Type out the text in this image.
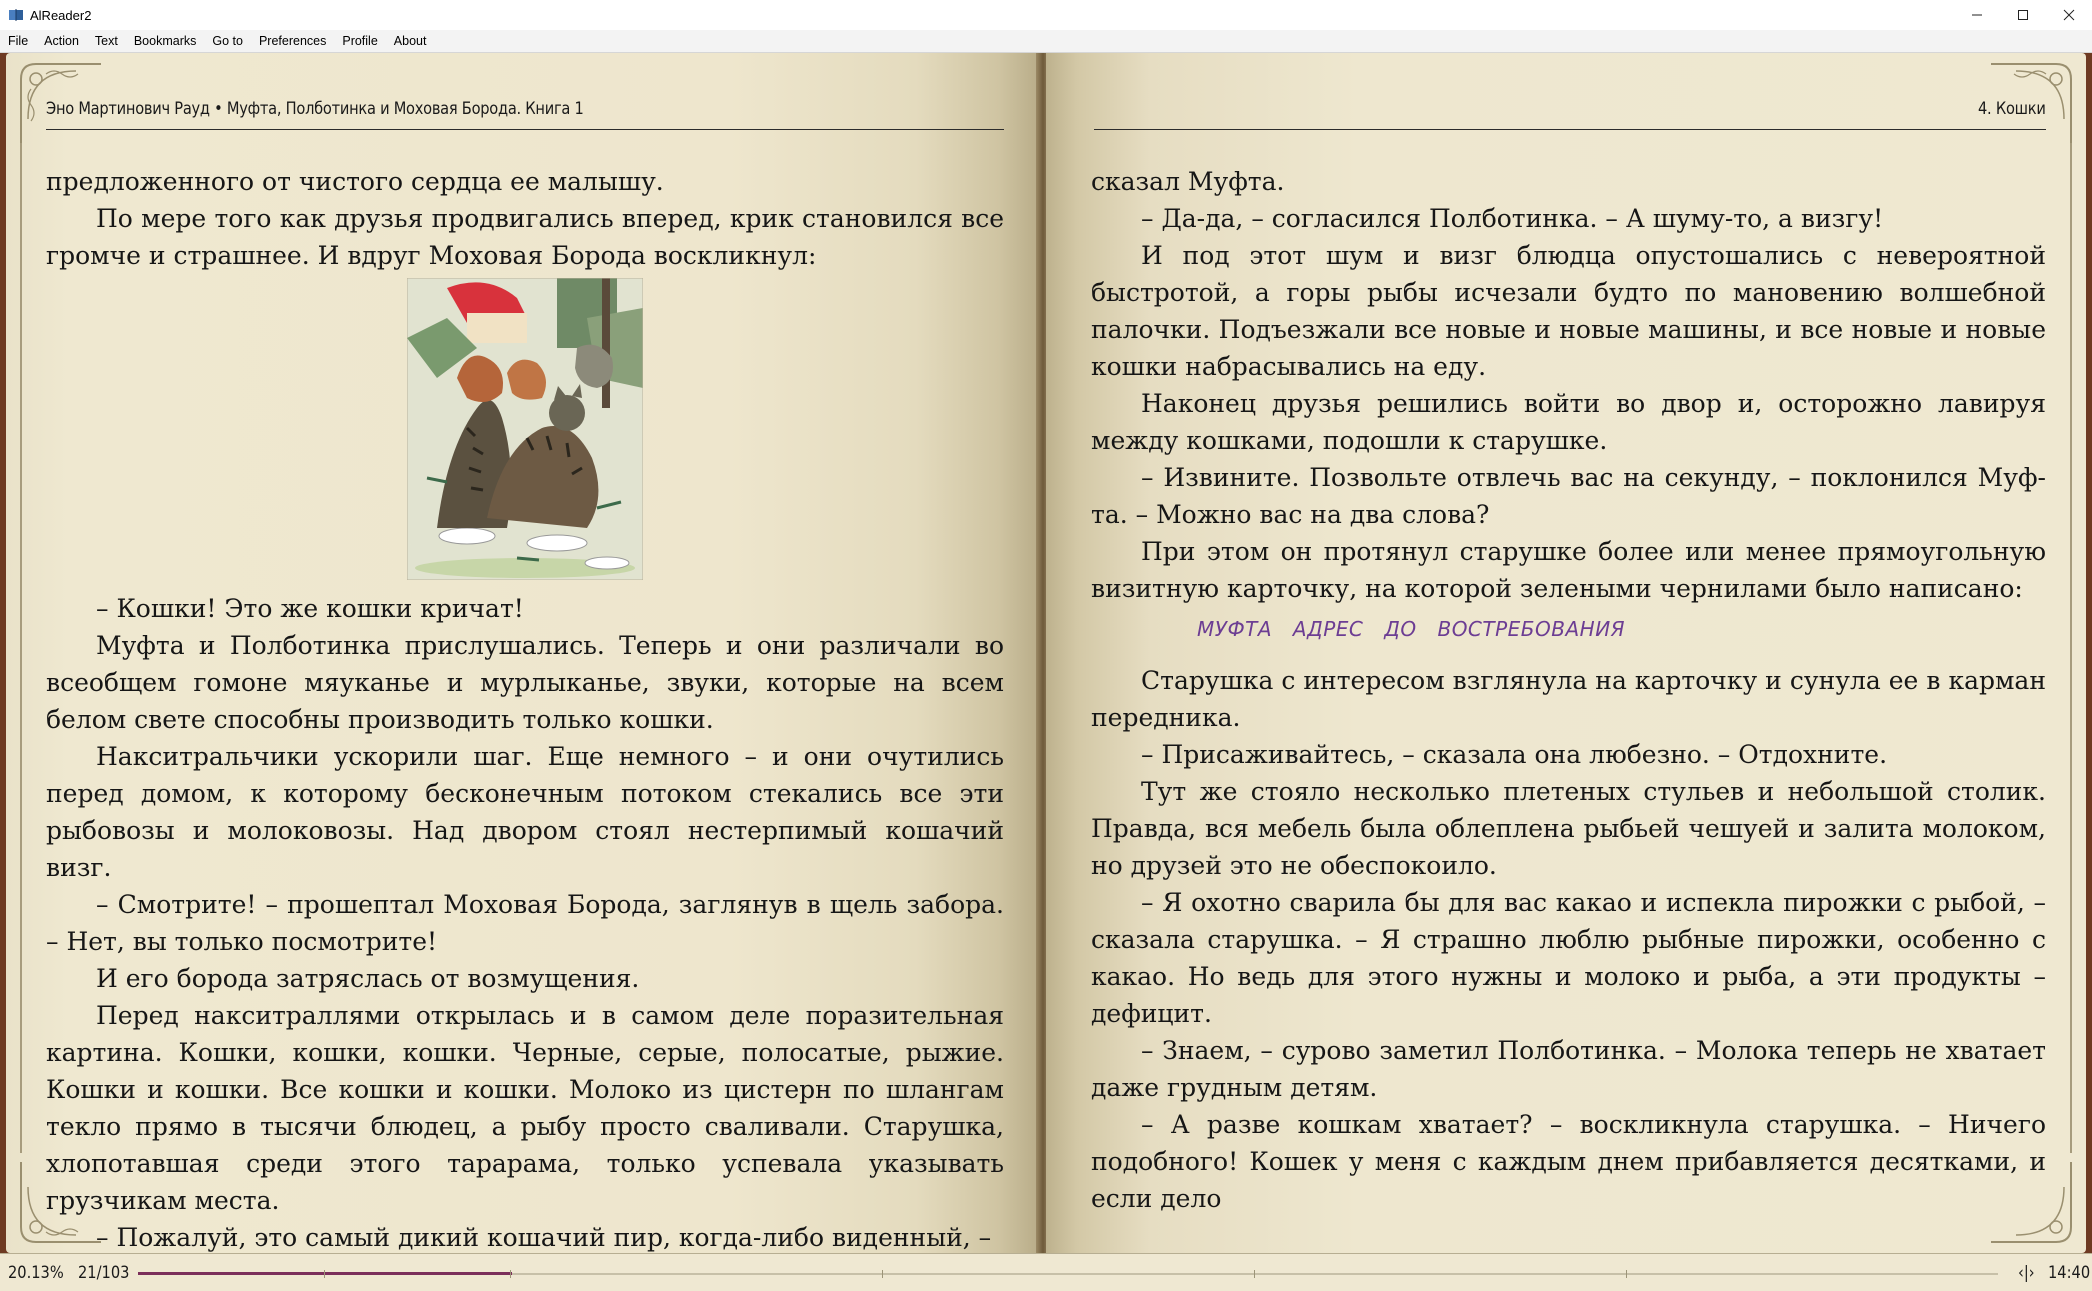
AlReader2
File	Action	Text	Bookmarks	Go to	Preferences	Profile	About
Эно Мартинович Рауд • Муфта, Полботинка и Моховая Борода. Книга 1

предложенного от чистого сердца ее малышу.

По мере того как друзья продвигались вперед, крик становился все громче и страшнее. И вдруг Моховая Борода воскликнул:

– Кошки! Это же кошки кричат!

Муфта и Полботинка прислушались. Теперь и они различали во всеобщем гомоне мяуканье и мурлыканье, звуки, которые на всем белом свете способны производить только кошки.

Накситральчики ускорили шаг. Еще немного – и они очутились перед домом, к которому бесконечным потоком стекались все эти рыбовозы и молоковозы. Над двором стоял нестерпимый кошачий визг.

– Смотрите! – прошептал Моховая Борода, заглянув в щель забора. – Нет, вы только посмотрите!

И его борода затряслась от возмущения.

Перед накситраллями открылась и в самом деле поразительная картина. Кошки, кошки, кошки. Черные, серые, полосатые, рыжие. Кошки и кошки. Все кошки и кошки. Молоко из цистерн по шлангам текло прямо в тысячи блюдец, а рыбу просто сваливали. Старушка, хлопотавшая среди этого тарарама, только успевала указывать грузчикам места.

– Пожалуй, это самый дикий кошачий пир, когда-либо виденный, –

4. Кошки

сказал Муфта.

– Да-да, – согласился Полботинка. – А шуму-то, а визгу!

И под этот шум и визг блюдца опустошались с невероятной быстротой, а горы рыбы исчезали будто по мановению волшебной палочки. Подъезжали все новые и новые машины, и все новые и новые кошки набрасывались на еду.

Наконец друзья решились войти во двор и, осторожно лавируя между кошками, подошли к старушке.

– Извините. Позвольте отвлечь вас на секунду, – поклонился Муфта. – Можно вас на два слова?

При этом он протянул старушке более или менее прямоугольную визитную карточку, на которой зелеными чернилами было написано:

МУФТА АДРЕС ДО ВОСТРЕБОВАНИЯ

Старушка с интересом взглянула на карточку и сунула ее в карман передника.

– Присаживайтесь, – сказала она любезно. – Отдохните.

Тут же стояло несколько плетеных стульев и небольшой столик. Правда, вся мебель была облеплена рыбьей чешуей и залита молоком, но друзей это не обеспокоило.

– Я охотно сварила бы для вас какао и испекла пирожки с рыбой, – сказала старушка. – Я страшно люблю рыбные пирожки, особенно с какао. Но ведь для этого нужны и молоко и рыба, а эти продукты – дефицит.

– Знаем, – сурово заметил Полботинка. – Молока теперь не хватает даже грудным детям.

– А разве кошкам хватает? – воскликнула старушка. – Ничего подобного! Кошек у меня с каждым днем прибавляется десятками, и если дело

20.13% 21/103	‹|› 14:40
